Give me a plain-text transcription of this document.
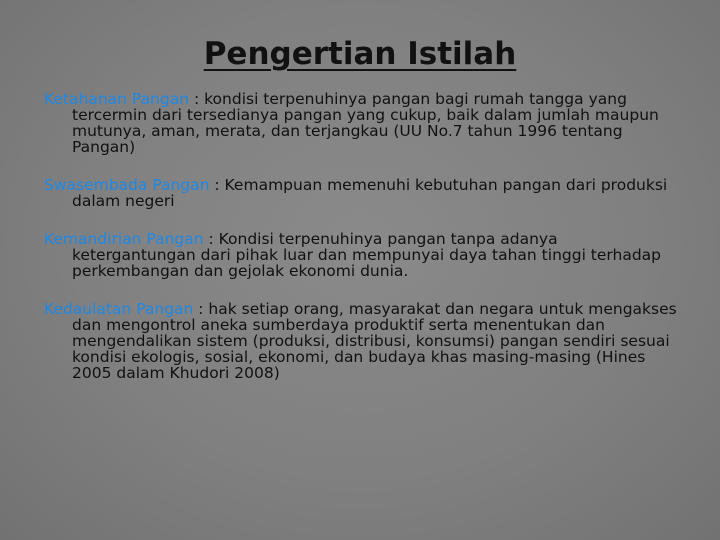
Pengertian Istilah
Ketahanan Pangan : kondisi terpenuhinya pangan bagi rumah tangga yang tercermin dari tersedianya pangan yang cukup, baik dalam jumlah maupun mutunya, aman, merata, dan terjangkau (UU No.7 tahun 1996 tentang Pangan)
Swasembada Pangan : Kemampuan memenuhi kebutuhan pangan dari produksi dalam negeri
Kemandirian Pangan : Kondisi terpenuhinya pangan tanpa adanya ketergantungan dari pihak luar dan mempunyai daya tahan tinggi terhadap perkembangan dan gejolak ekonomi dunia.
Kedaulatan Pangan : hak setiap orang, masyarakat dan negara untuk mengakses dan mengontrol aneka sumberdaya produktif serta menentukan dan mengendalikan sistem (produksi, distribusi, konsumsi) pangan sendiri sesuai kondisi ekologis, sosial, ekonomi, dan budaya khas masing-masing (Hines 2005 dalam Khudori 2008)
